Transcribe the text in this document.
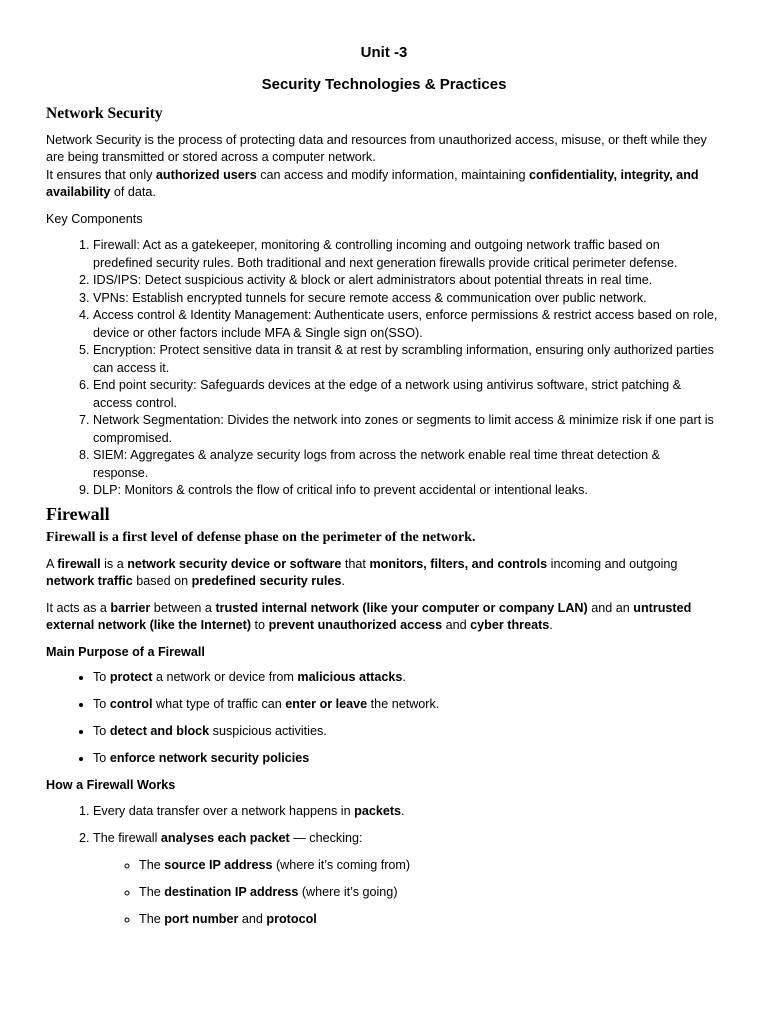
Unit -3
Security Technologies & Practices
Network Security

Network Security is the process of protecting data and resources from unauthorized access, misuse, or theft while they are being transmitted or stored across a computer network.
It ensures that only authorized users can access and modify information, maintaining confidentiality, integrity, and availability of data.

Key Components

1. Firewall: Act as a gatekeeper, monitoring & controlling incoming and outgoing network traffic based on predefined security rules. Both traditional and next generation firewalls provide critical perimeter defense.
2. IDS/IPS: Detect suspicious activity & block or alert administrators about potential threats in real time.
3. VPNs: Establish encrypted tunnels for secure remote access & communication over public network.
4. Access control & Identity Management: Authenticate users, enforce permissions & restrict access based on role, device or other factors include MFA & Single sign on(SSO).
5. Encryption: Protect sensitive data in transit & at rest by scrambling information, ensuring only authorized parties can access it.
6. End point security: Safeguards devices at the edge of a network using antivirus software, strict patching & access control.
7. Network Segmentation: Divides the network into zones or segments to limit access & minimize risk if one part is compromised.
8. SIEM: Aggregates & analyze security logs from across the network enable real time threat detection & response.
9. DLP: Monitors & controls the flow of critical info to prevent accidental or intentional leaks.
Firewall
Firewall is a first level of defense phase on the perimeter of the network.

A firewall is a network security device or software that monitors, filters, and controls incoming and outgoing network traffic based on predefined security rules.

It acts as a barrier between a trusted internal network (like your computer or company LAN) and an untrusted external network (like the Internet) to prevent unauthorized access and cyber threats.

Main Purpose of a Firewall

• To protect a network or device from malicious attacks.
• To control what type of traffic can enter or leave the network.
• To detect and block suspicious activities.
• To enforce network security policies

How a Firewall Works

1. Every data transfer over a network happens in packets.
2. The firewall analyses each packet — checking:
◦ The source IP address (where it’s coming from)
◦ The destination IP address (where it’s going)
◦ The port number and protocol
